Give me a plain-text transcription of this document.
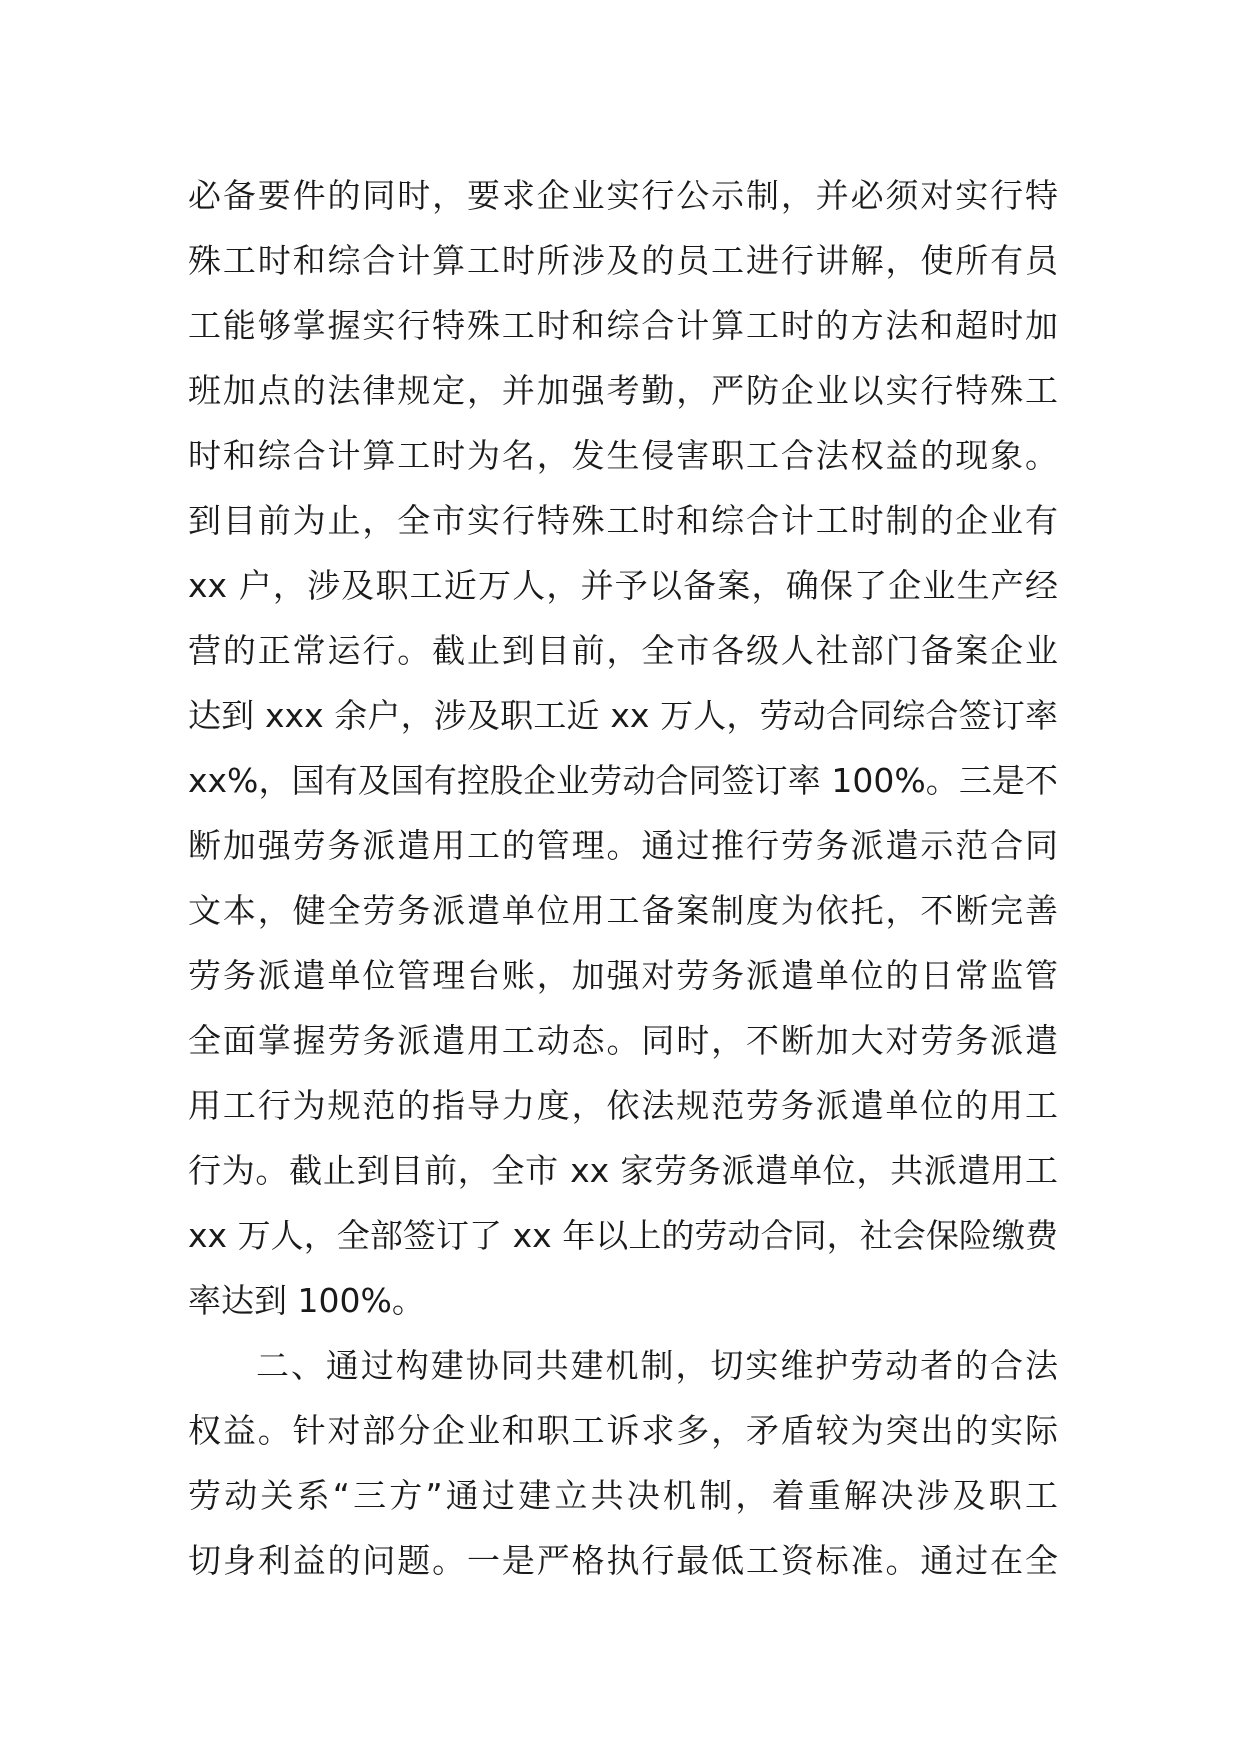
必备要件的同时，要求企业实行公示制，并必须对实行特
殊工时和综合计算工时所涉及的员工进行讲解，使所有员
工能够掌握实行特殊工时和综合计算工时的方法和超时加
班加点的法律规定，并加强考勤，严防企业以实行特殊工
时和综合计算工时为名，发生侵害职工合法权益的现象。
到目前为止，全市实行特殊工时和综合计工时制的企业有
xx 户，涉及职工近万人，并予以备案，确保了企业生产经
营的正常运行。截止到目前，全市各级人社部门备案企业
达到 xxx 余户，涉及职工近 xx 万人，劳动合同综合签订率
xx%，国有及国有控股企业劳动合同签订率 100%。三是不
断加强劳务派遣用工的管理。通过推行劳务派遣示范合同
文本，健全劳务派遣单位用工备案制度为依托，不断完善
劳务派遣单位管理台账，加强对劳务派遣单位的日常监管
全面掌握劳务派遣用工动态。同时，不断加大对劳务派遣
用工行为规范的指导力度，依法规范劳务派遣单位的用工
行为。截止到目前，全市 xx 家劳务派遣单位，共派遣用工
xx 万人，全部签订了 xx 年以上的劳动合同，社会保险缴费
率达到 100%。
二、通过构建协同共建机制，切实维护劳动者的合法
权益。针对部分企业和职工诉求多，矛盾较为突出的实际
劳动关系“三方”通过建立共决机制，着重解决涉及职工
切身利益的问题。一是严格执行最低工资标准。通过在全
